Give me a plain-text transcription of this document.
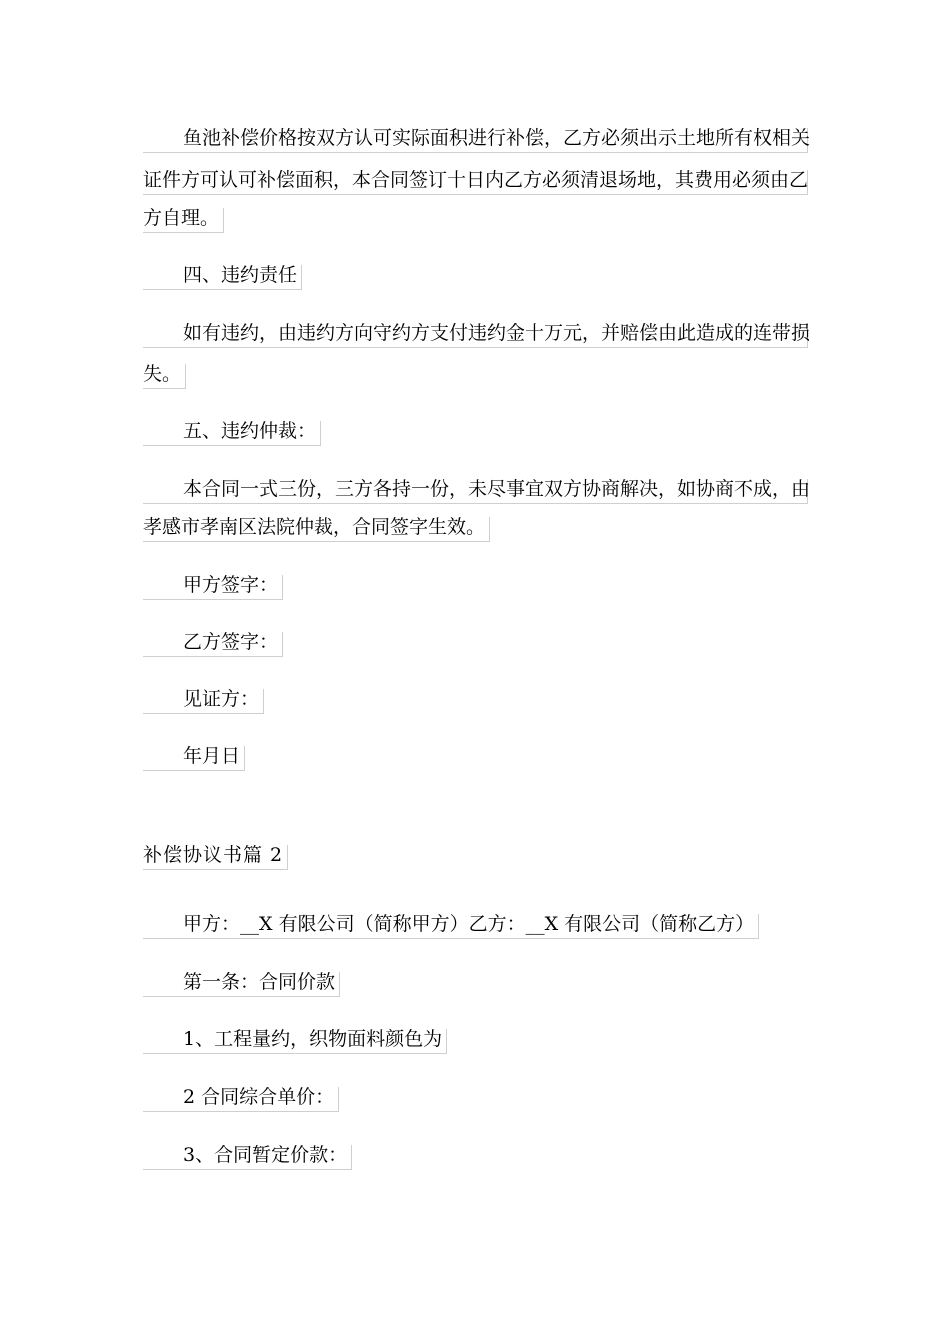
鱼池补偿价格按双方认可实际面积进行补偿，乙方必须出示土地所有权相关
证件方可认可补偿面积，本合同签订十日内乙方必须清退场地，其费用必须由乙
方自理。
四、违约责任
如有违约，由违约方向守约方支付违约金十万元，并赔偿由此造成的连带损
失。
五、违约仲裁：
本合同一式三份，三方各持一份，未尽事宜双方协商解决，如协商不成，由
孝感市孝南区法院仲裁，合同签字生效。
甲方签字：
乙方签字：
见证方：
年月日
补偿协议书篇 2
甲方：__X 有限公司（简称甲方）乙方：__X 有限公司（简称乙方）
第一条：合同价款
1、工程量约，织物面料颜色为
2 合同综合单价：
3、合同暂定价款：
